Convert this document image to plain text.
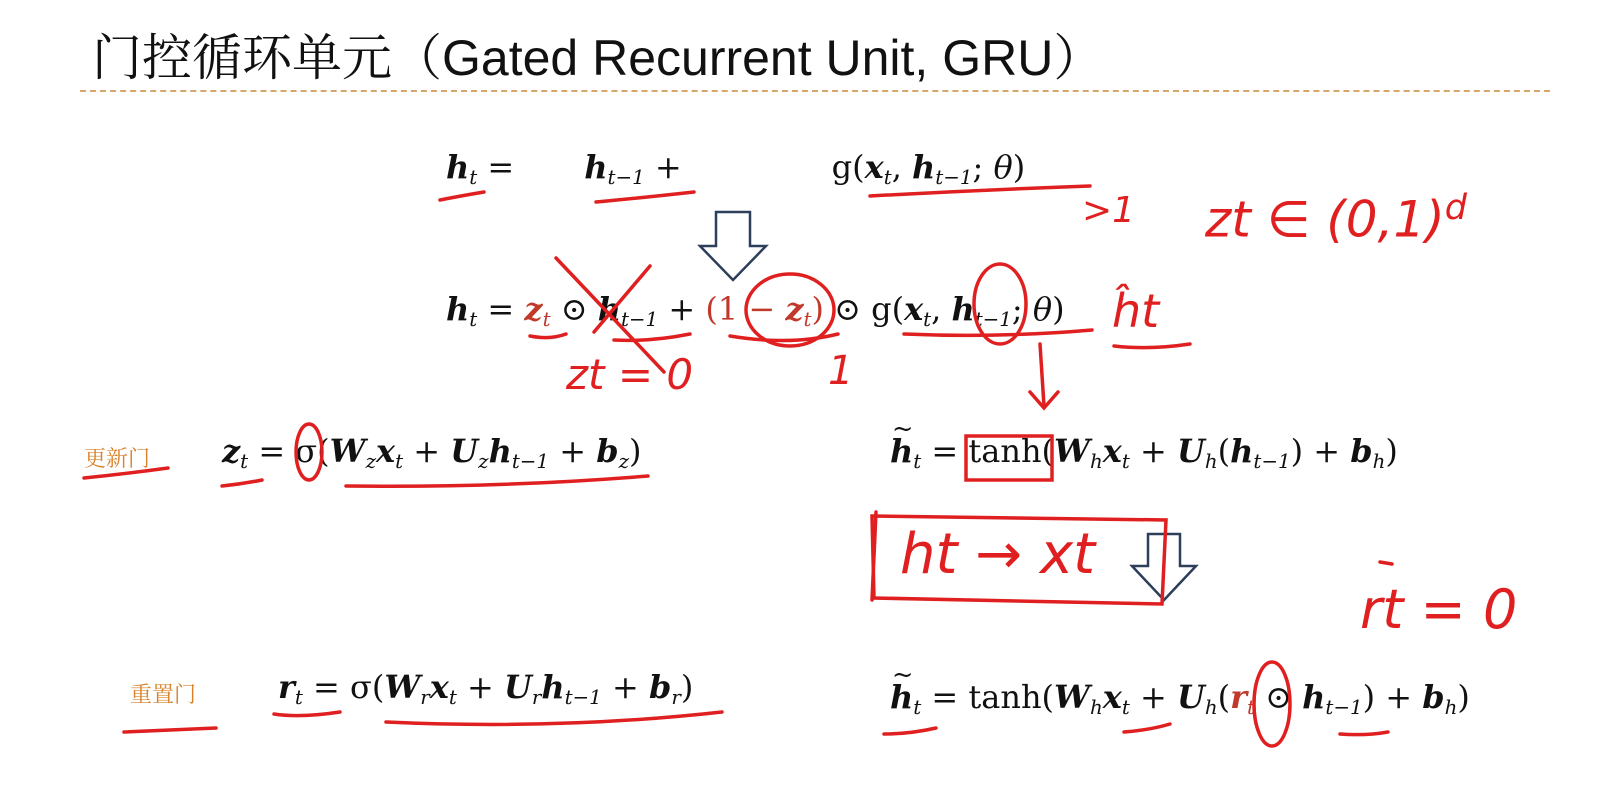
门控循环单元（Gated Recurrent Unit, GRU）
$h_t = h_{t-1}$ +	$g(x_t$, $h_{t-1}$; θ)
$h_t = z_t$ ⊙ $h_{t-1} + (1 - z_t)$ ⊙ $g(x_t$, $h_{t-1}$; θ)
更新门 $z_t = \sigma(W_zx_t + U_zh_{t-1} + b_z)$	~ $h_t = \tanh(W_hx_t + U_h(h_{t-1}) + b_h)$
重置门	$r_t = \sigma(W_rx_t + U_rh_{t-1} + b_r)$	~ $h_t = \tanh(W_hx_t + U_h(r_t$ ⊙ $h_{t-1}) + b_h$)
>1 zt ∈ $(0,1)^d$
ĥt
zt = 0	1
ht → xt
rt = 0
